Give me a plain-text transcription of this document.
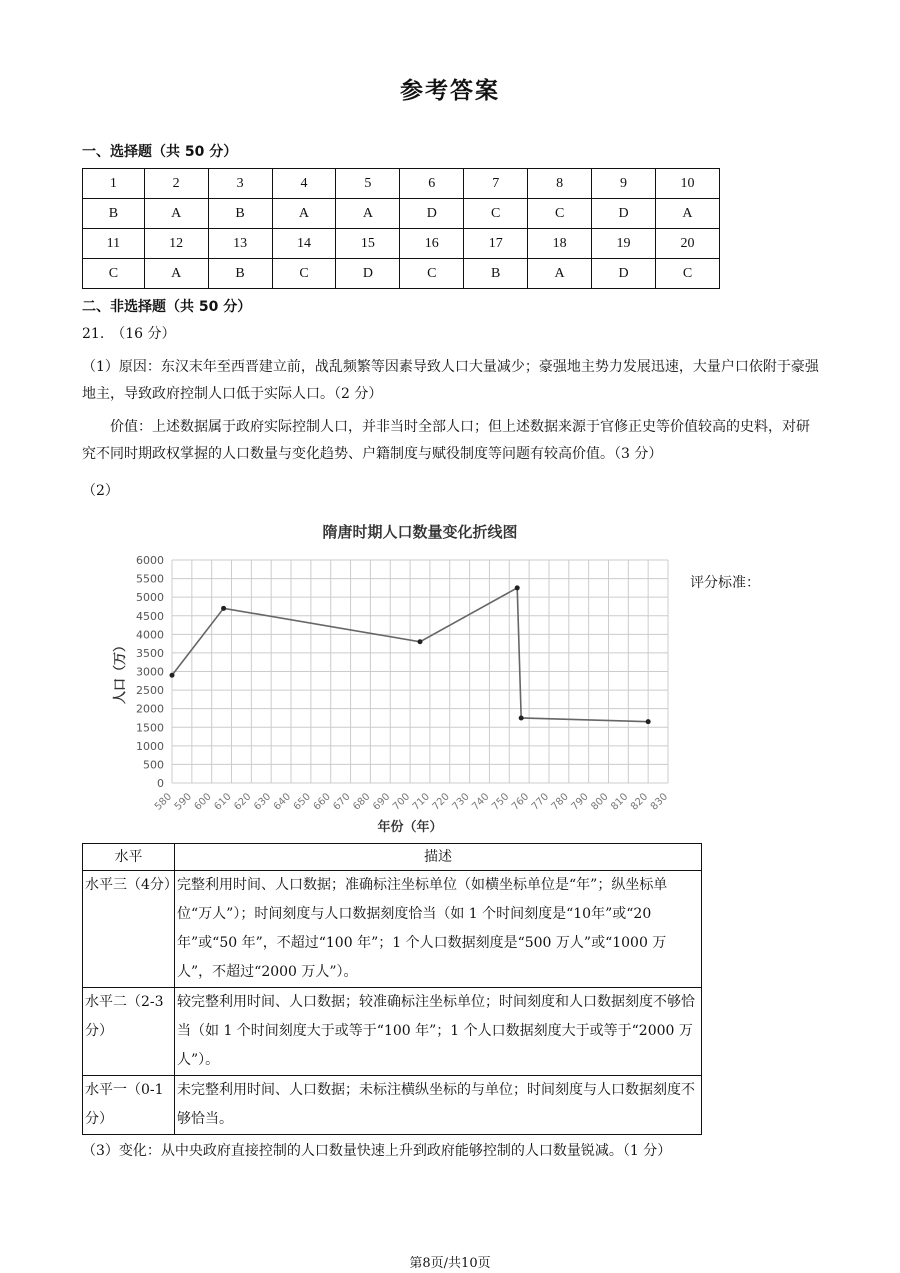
参考答案
一、选择题（共 50 分）
1	2	3	4	5	6	7	8	9	10
B	A	B	A	A	D	C	C	D	A
11	12	13	14	15	16	17	18	19	20
C	A	B	C	D	C	B	A	D	C
二、非选择题（共 50 分）
21.　（16 分）
（1）原因：东汉末年至西晋建立前，战乱频繁等因素导致人口大量减少；豪强地主势力发展迅速，大量户口依附于豪强地主，导致政府控制人口低于实际人口。（2 分）
价值：上述数据属于政府实际控制人口，并非当时全部人口；但上述数据来源于官修正史等价值较高的史料，对研究不同时期政权掌握的人口数量与变化趋势、户籍制度与赋役制度等问题有较高价值。（3 分）
（2）
隋唐时期人口数量变化折线图
580
590
600
610
620
630
640
650
660
670
680
690
700
710
720
730
740
750
760
770
780
790
800
810
820
830
0
500
1000
1500
2000
2500
3000
3500
4000
4500
5000
5500
6000
年份（年）
人口（万）
评分标准：
水平	描述
水平三（4分）	完整利用时间、人口数据；准确标注坐标单位（如横坐标单位是“年”；纵坐标单位“万人”）；时间刻度与人口数据刻度恰当（如 1 个时间刻度是“10年”或“20 年”或“50 年”，不超过“100 年”；1 个人口数据刻度是“500 万人”或“1000 万人”，不超过“2000 万人”）。
水平二（2-3分）	较完整利用时间、人口数据；较准确标注坐标单位；时间刻度和人口数据刻度不够恰当（如 1 个时间刻度大于或等于“100 年”；1 个人口数据刻度大于或等于“2000 万人”）。
水平一（0-1分）	未完整利用时间、人口数据；未标注横纵坐标的与单位；时间刻度与人口数据刻度不够恰当。
（3）变化：从中央政府直接控制的人口数量快速上升到政府能够控制的人口数量锐减。（1 分）
第8页/共10页
